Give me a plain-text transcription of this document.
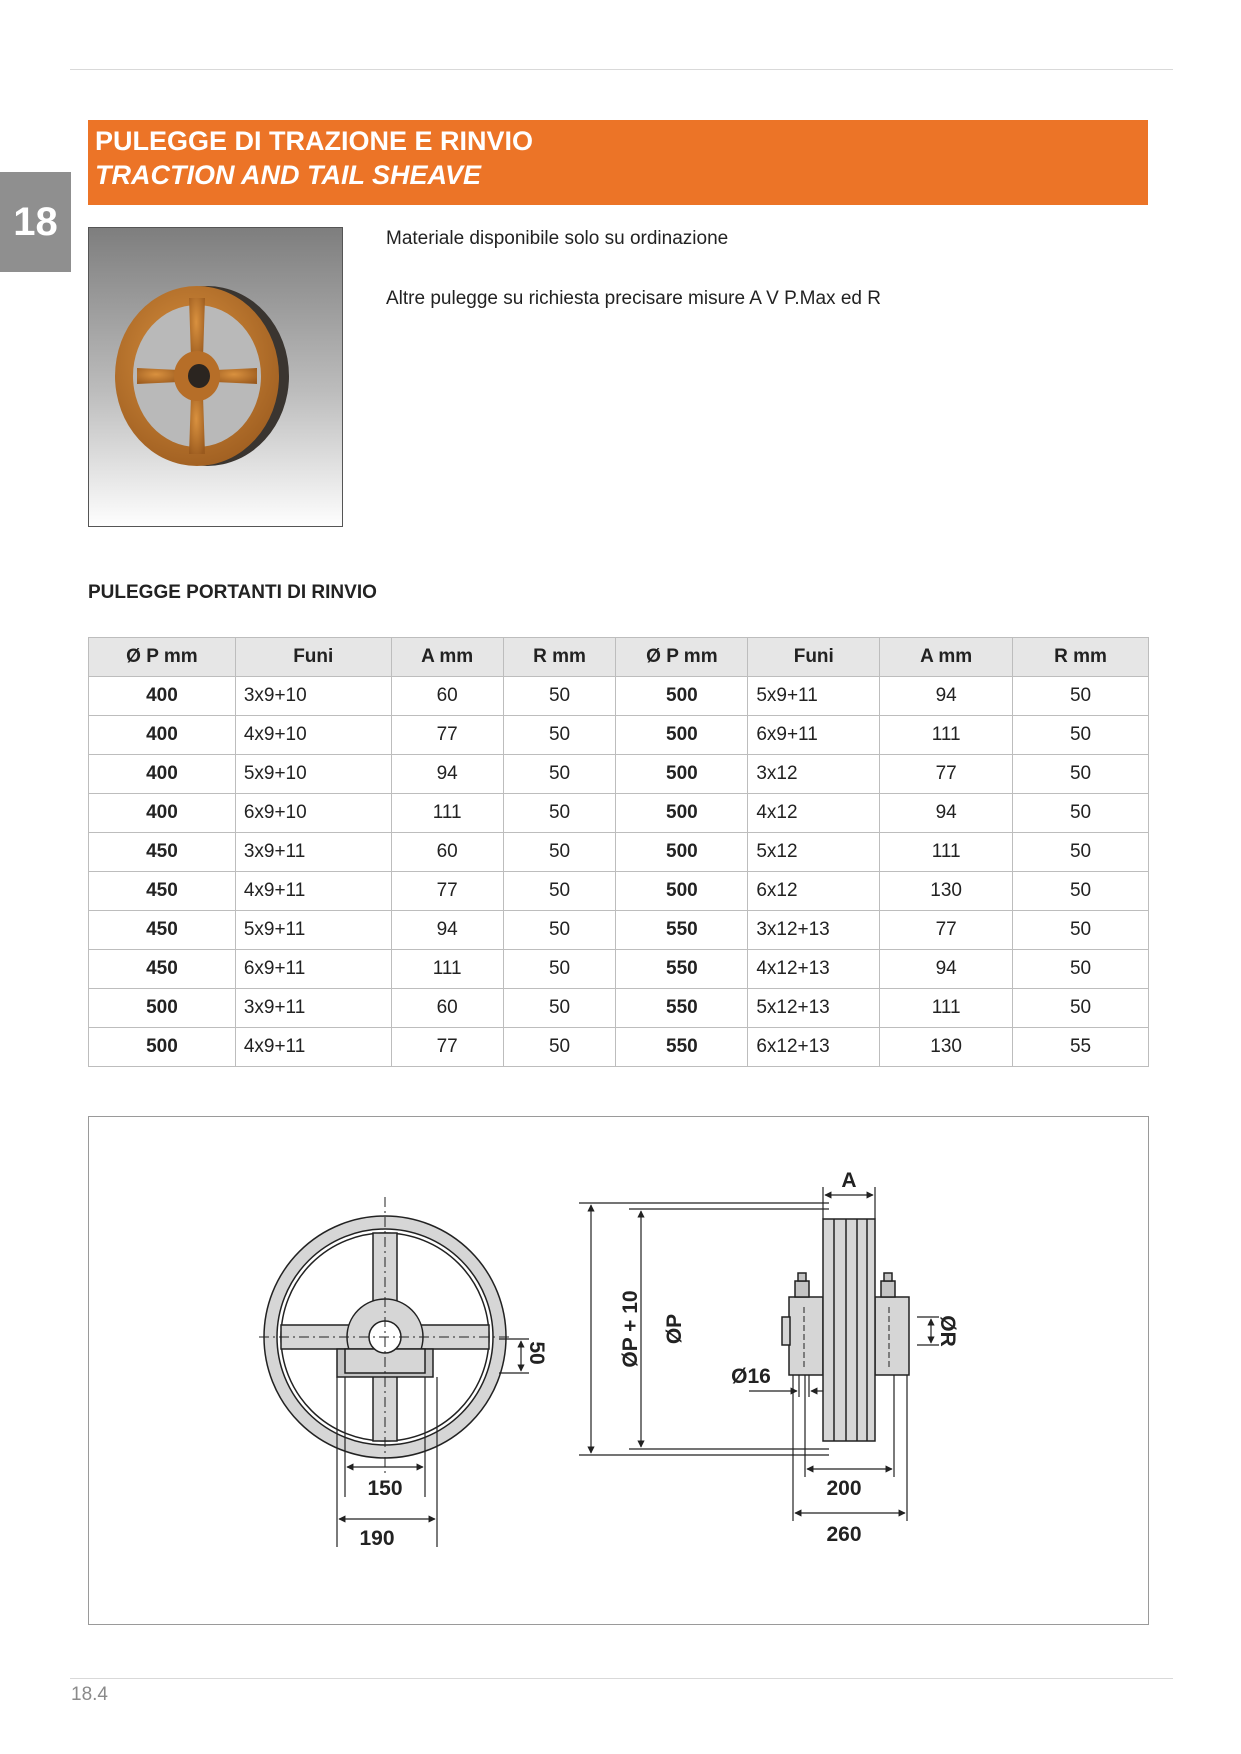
18
PULEGGE DI TRAZIONE E RINVIO
TRACTION AND TAIL SHEAVE
Materiale disponibile solo su ordinazione
Altre pulegge su richiesta precisare misure A V P.Max ed R
PULEGGE PORTANTI DI RINVIO
Ø P mm	Funi	A mm	R mm	Ø P mm	Funi	A mm	R mm
400	3x9+10	60	50	500	5x9+11	94	50
400	4x9+10	77	50	500	6x9+11	111	50
400	5x9+10	94	50	500	3x12	77	50
400	6x9+10	111	50	500	4x12	94	50
450	3x9+11	60	50	500	5x12	111	50
450	4x9+11	77	50	500	6x12	130	50
450	5x9+11	94	50	550	3x12+13	77	50
450	6x9+11	111	50	550	4x12+13	94	50
500	3x9+11	60	50	550	5x12+13	111	50
500	4x9+11	77	50	550	6x12+13	130	55
50
150
190
A
ØP + 10 ØP
Ø16
ØR
200
260
18.4
